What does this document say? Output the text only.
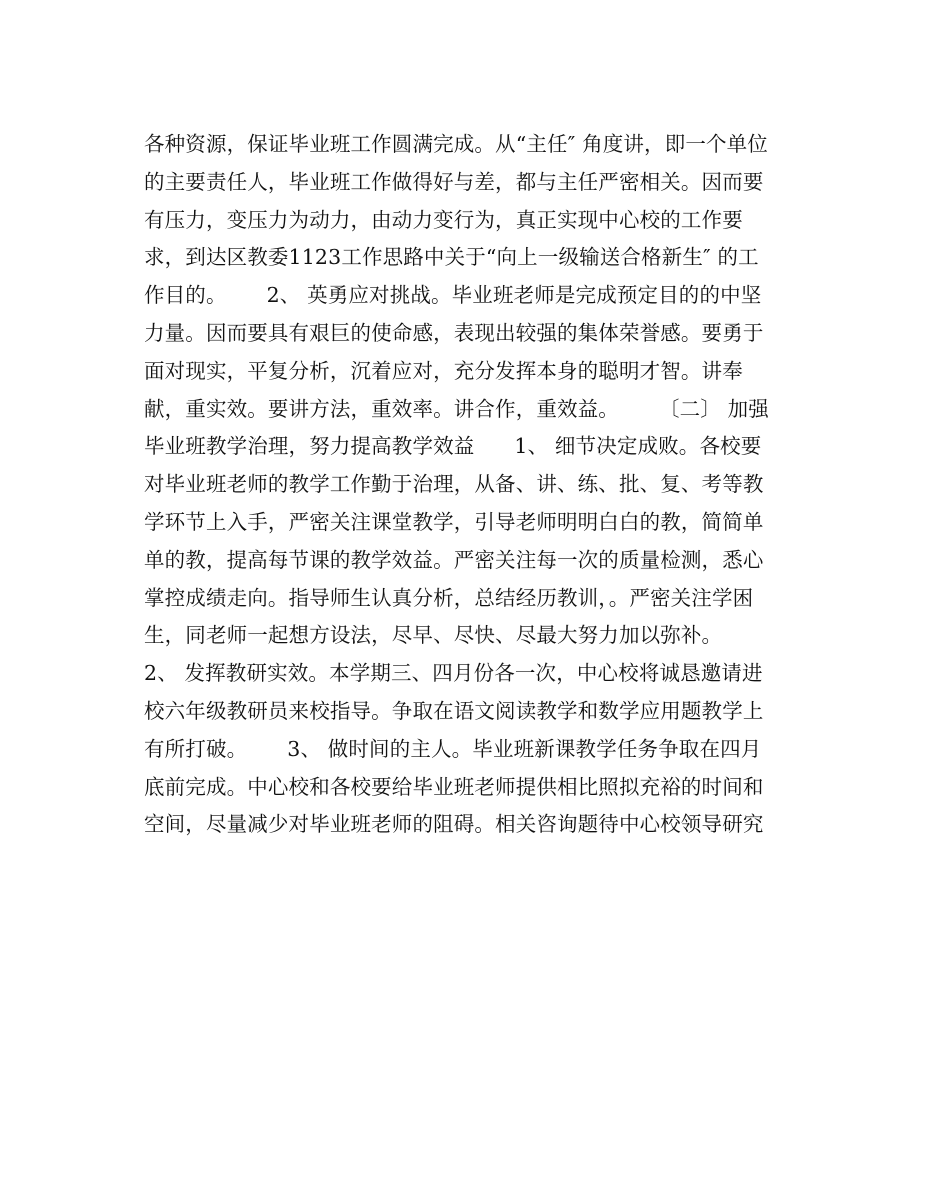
各种资源，保证毕业班工作圆满完成。从“主任″ 角度讲，即一个单位
的主要责任人，毕业班工作做得好与差，都与主任严密相关。因而要
有压力，变压力为动力，由动力变行为，真正实现中心校的工作要
求，到达区教委1123工作思路中关于“向上一级输送合格新生″ 的工
作目的。      2、 英勇应对挑战。毕业班老师是完成预定目的的中坚
力量。因而要具有艰巨的使命感，表现出较强的集体荣誉感。要勇于
面对现实，平复分析，沉着应对，充分发挥本身的聪明才智。讲奉
献，重实效。要讲方法，重效率。讲合作，重效益。      〔二〕 加强
毕业班教学治理，努力提高教学效益      1、 细节决定成败。各校要
对毕业班老师的教学工作勤于治理，从备、讲、练、批、复、考等教
学环节上入手，严密关注课堂教学，引导老师明明白白的教，简简单
单的教，提高每节课的教学效益。严密关注每一次的质量检测，悉心
掌控成绩走向。指导师生认真分析，总结经历教训，。严密关注学困
生，同老师一起想方设法，尽早、尽快、尽最大努力加以弥补。
2、 发挥教研实效。本学期三、四月份各一次，中心校将诚恳邀请进
校六年级教研员来校指导。争取在语文阅读教学和数学应用题教学上
有所打破。      3、 做时间的主人。毕业班新课教学任务争取在四月
底前完成。中心校和各校要给毕业班老师提供相比照拟充裕的时间和
空间，尽量减少对毕业班老师的阻碍。相关咨询题待中心校领导研究
